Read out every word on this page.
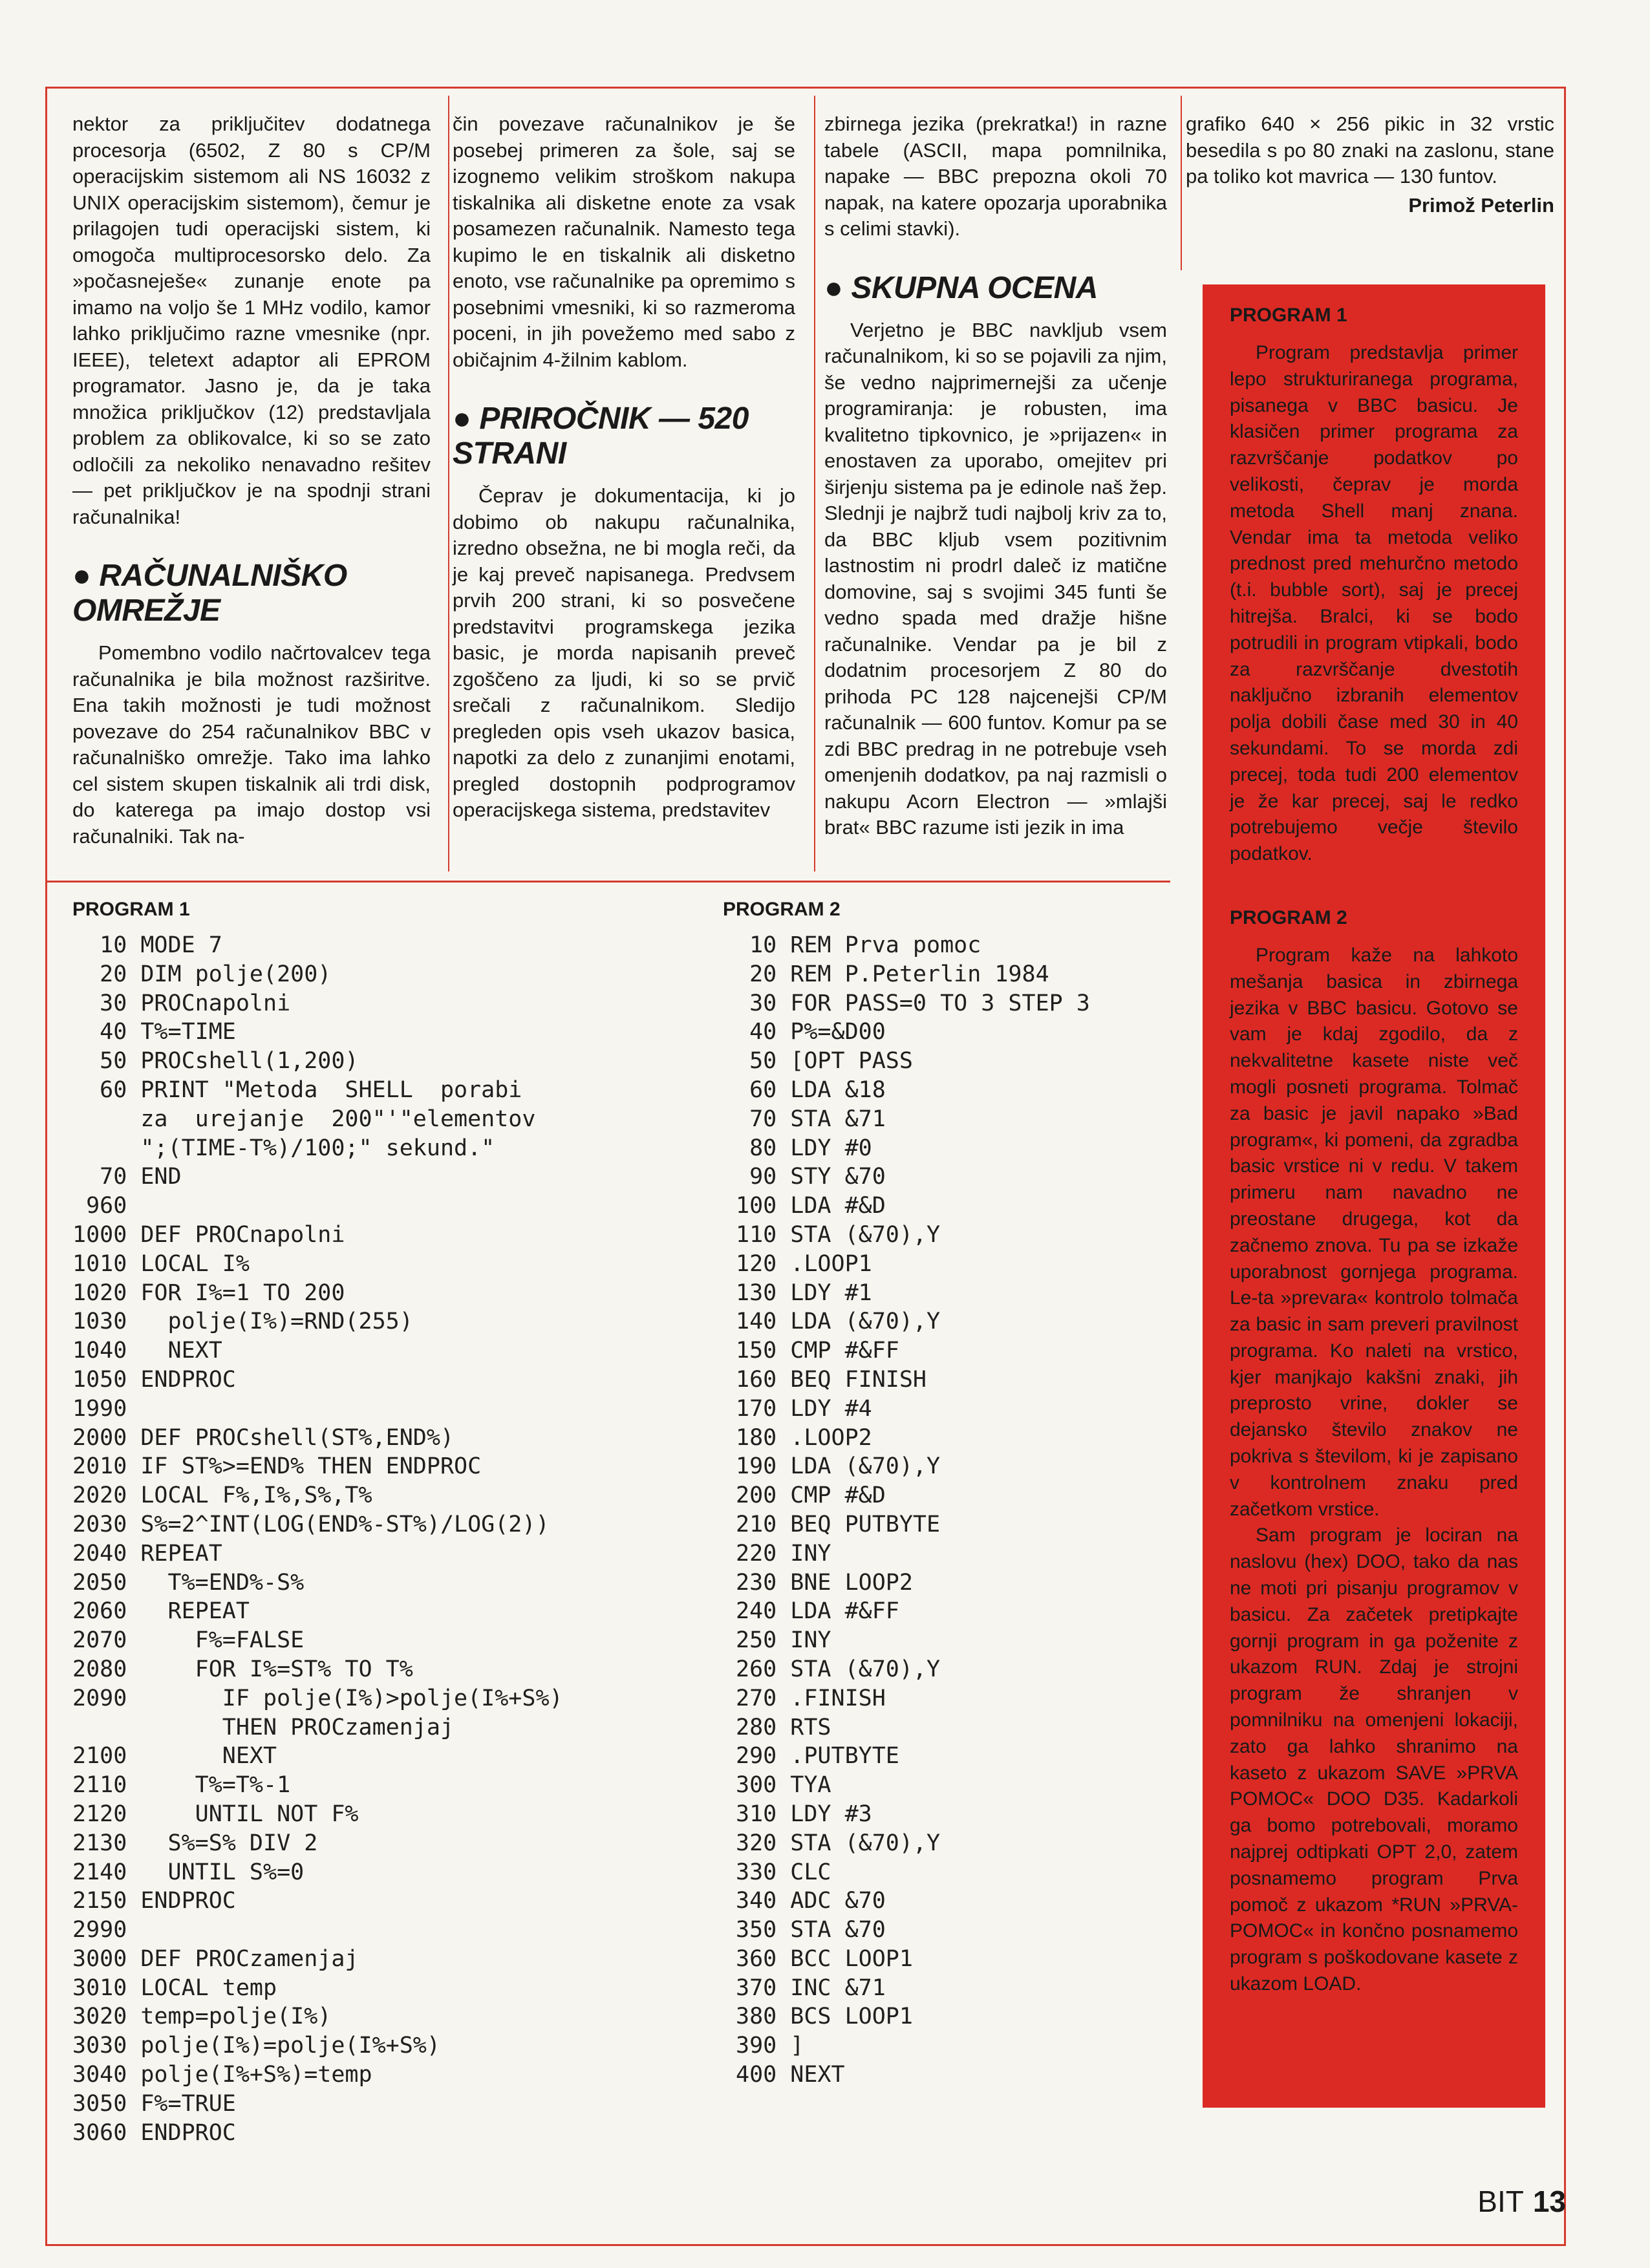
nektor za priključitev dodatnega procesorja (6502, Z 80 s CP/M operacijskim sistemom ali NS 16032 z UNIX operacijskim sistemom), čemur je prilagojen tudi operacijski sistem, ki omogoča multiprocesorsko delo. Za »počasneješe« zunanje enote pa imamo na voljo še 1 MHz vodilo, kamor lahko priključimo razne vmesnike (npr. IEEE), teletext adaptor ali EPROM programator. Jasno je, da je taka množica priključkov (12) predstavljala problem za oblikovalce, ki so se zato odločili za nekoliko nenavadno rešitev — pet priključkov je na spodnji strani računalnika!

● RAČUNALNIŠKO OMREŽJE

Pomembno vodilo načrtovalcev tega računalnika je bila možnost razširitve. Ena takih možnosti je tudi možnost povezave do 254 računalnikov BBC v računalniško omrežje. Tako ima lahko cel sistem skupen tiskalnik ali trdi disk, do katerega pa imajo dostop vsi računalniki. Tak na-

čin povezave računalnikov je še posebej primeren za šole, saj se izognemo velikim stroškom nakupa tiskalnika ali disketne enote za vsak posamezen računalnik. Namesto tega kupimo le en tiskalnik ali disketno enoto, vse računalnike pa opremimo s posebnimi vmesniki, ki so razmeroma poceni, in jih povežemo med sabo z običajnim 4-žilnim kablom.

● PRIROČNIK — 520 STRANI

Čeprav je dokumentacija, ki jo dobimo ob nakupu računalnika, izredno obsežna, ne bi mogla reči, da je kaj preveč napisanega. Predvsem prvih 200 strani, ki so posvečene predstavitvi programskega jezika basic, je morda napisanih preveč zgoščeno za ljudi, ki so se prvič srečali z računalnikom. Sledijo pregleden opis vseh ukazov basica, napotki za delo z zunanjimi enotami, pregled dostopnih podprogramov operacijskega sistema, predstavitev

zbirnega jezika (prekratka!) in razne tabele (ASCII, mapa pomnilnika, napake — BBC prepozna okoli 70 napak, na katere opozarja uporabnika s celimi stavki).

● SKUPNA OCENA

Verjetno je BBC navkljub vsem računalnikom, ki so se pojavili za njim, še vedno najprimernejši za učenje programiranja: je robusten, ima kvalitetno tipkovnico, je »prijazen« in enostaven za uporabo, omejitev pri širjenju sistema pa je edinole naš žep. Slednji je najbrž tudi najbolj kriv za to, da BBC kljub vsem pozitivnim lastnostim ni prodrl daleč iz matične domovine, saj s svojimi 345 funti še vedno spada med dražje hišne računalnike. Vendar pa je bil z dodatnim procesorjem Z 80 do prihoda PC 128 najcenejši CP/M računalnik — 600 funtov. Komur pa se zdi BBC predrag in ne potrebuje vseh omenjenih dodatkov, pa naj razmisli o nakupu Acorn Electron — »mlajši brat« BBC razume isti jezik in ima

grafiko 640 × 256 pikic in 32 vrstic besedila s po 80 znaki na zaslonu, stane pa toliko kot mavrica — 130 funtov.

Primož Peterlin

PROGRAM 1

Program predstavlja primer lepo strukturiranega programa, pisanega v BBC basicu. Je klasičen primer programa za razvrščanje podatkov po velikosti, čeprav je morda metoda Shell manj znana. Vendar ima ta metoda veliko prednost pred mehurčno metodo (t.i. bubble sort), saj je precej hitrejša. Bralci, ki se bodo potrudili in program vtipkali, bodo za razvrščanje dvestotih naključno izbranih elementov polja dobili čase med 30 in 40 sekundami. To se morda zdi precej, toda tudi 200 elementov je že kar precej, saj le redko potrebujemo večje število podatkov.

PROGRAM 2

Program kaže na lahkoto mešanja basica in zbirnega jezika v BBC basicu. Gotovo se vam je kdaj zgodilo, da z nekvalitetne kasete niste več mogli posneti programa. Tolmač za basic je javil napako »Bad program«, ki pomeni, da zgradba basic vrstice ni v redu. V takem primeru nam navadno ne preostane drugega, kot da začnemo znova. Tu pa se izkaže uporabnost gornjega programa. Le-ta »prevara« kontrolo tolmača za basic in sam preveri pravilnost programa. Ko naleti na vrstico, kjer manjkajo kakšni znaki, jih preprosto vrine, dokler se dejansko število znakov ne pokriva s številom, ki je zapisano v kontrolnem znaku pred začetkom vrstice.

Sam program je lociran na naslovu (hex) DOO, tako da nas ne moti pri pisanju programov v basicu. Za začetek pretipkajte gornji program in ga poženite z ukazom RUN. Zdaj je strojni program že shranjen v pomnilniku na omenjeni lokaciji, zato ga lahko shranimo na kaseto z ukazom SAVE »PRVA POMOC« DOO D35. Kadarkoli ga bomo potrebovali, moramo najprej odtipkati OPT 2,0, zatem posnamemo program Prva pomoč z ukazom *RUN »PRVA-POMOC« in končno posnamemo program s poškodovane kasete z ukazom LOAD.

PROGRAM 1
10 MODE 7
20 DIM polje(200)
30 PROCnapolni
40 T%=TIME
50 PROCshell(1,200)
60 PRINT "Metoda  SHELL  porabi
za  urejanje  200"'"elementov
";(TIME-T%)/100;" sekund."
70 END
960
1000 DEF PROCnapolni
1010 LOCAL I%
1020 FOR I%=1 TO 200
1030   polje(I%)=RND(255)
1040   NEXT
1050 ENDPROC
1990
2000 DEF PROCshell(ST%,END%)
2010 IF ST%>=END% THEN ENDPROC
2020 LOCAL F%,I%,S%,T%
2030 S%=2^INT(LOG(END%-ST%)/LOG(2))
2040 REPEAT
2050   T%=END%-S%
2060   REPEAT
2070     F%=FALSE
2080     FOR I%=ST% TO T%
2090       IF polje(I%)>polje(I%+S%)
THEN PROCzamenjaj
2100       NEXT
2110     T%=T%-1
2120     UNTIL NOT F%
2130   S%=S% DIV 2
2140   UNTIL S%=0
2150 ENDPROC
2990
3000 DEF PROCzamenjaj
3010 LOCAL temp
3020 temp=polje(I%)
3030 polje(I%)=polje(I%+S%)
3040 polje(I%+S%)=temp
3050 F%=TRUE
3060 ENDPROC
PROGRAM 2
10 REM Prva pomoc
20 REM P.Peterlin 1984
30 FOR PASS=0 TO 3 STEP 3
40 P%=&D00
50 [OPT PASS
60 LDA &18
70 STA &71
80 LDY #0
90 STY &70
100 LDA #&D
110 STA (&70),Y
120 .LOOP1
130 LDY #1
140 LDA (&70),Y
150 CMP #&FF
160 BEQ FINISH
170 LDY #4
180 .LOOP2
190 LDA (&70),Y
200 CMP #&D
210 BEQ PUTBYTE
220 INY
230 BNE LOOP2
240 LDA #&FF
250 INY
260 STA (&70),Y
270 .FINISH
280 RTS
290 .PUTBYTE
300 TYA
310 LDY #3
320 STA (&70),Y
330 CLC
340 ADC &70
350 STA &70
360 BCC LOOP1
370 INC &71
380 BCS LOOP1
390 ]
400 NEXT
BIT 13
